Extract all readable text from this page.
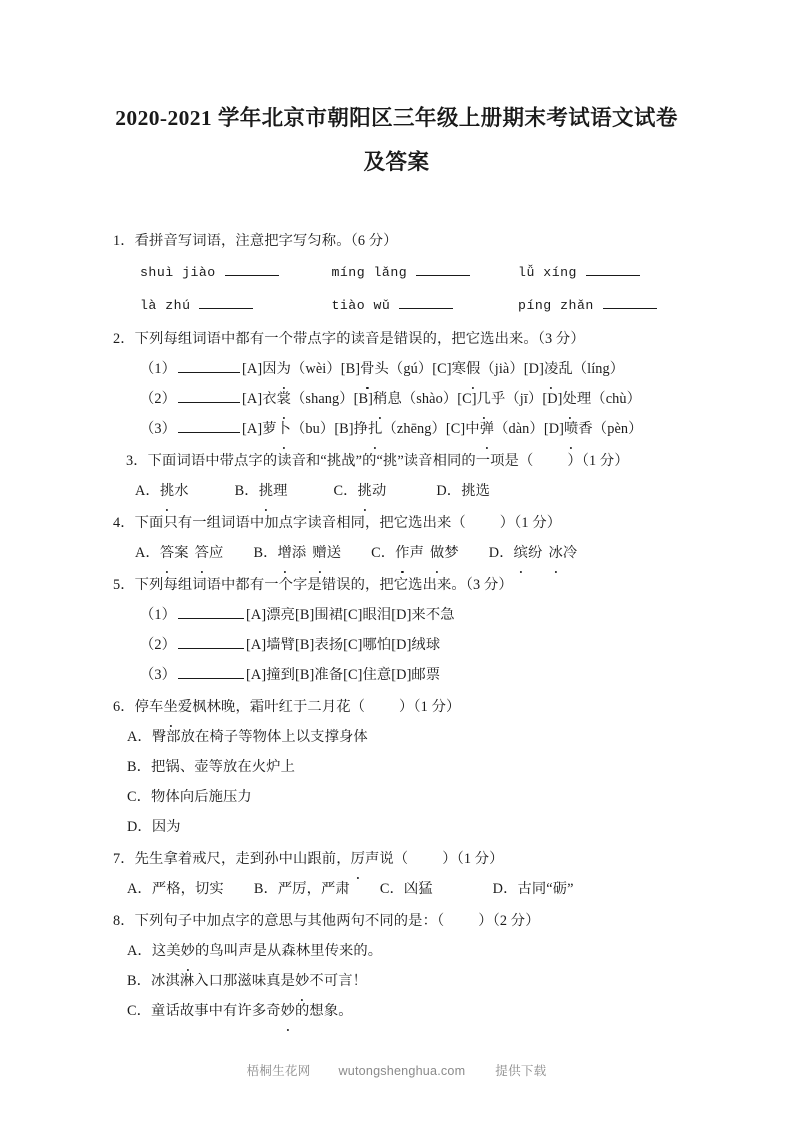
2020-2021 学年北京市朝阳区三年级上册期末考试语文试卷
及答案
1．看拼音写词语，注意把字写匀称。（6 分）
shuì jiào	míng lǎng	lǚ xíng
là zhú	tiào wǔ	píng zhǎn
2．下列每组词语中都有一个带点字的读音是错误的，把它选出来。（3 分）
（1）	[A]因为（wèi）[B]骨头（gú）[C]寒假（jià）[D]凌乱（líng）
（2）	[A]衣裳（shang）[B]稍息（shào）[C]几乎（jī）[D]处理（chù）
（3）	[A]萝卜（bu）[B]挣扎（zhēng）[C]中弹（dàn）[D]喷香（pèn）
3．下面词语中带点字的读音和“挑战”的“挑”读音相同的一项是（ ）（1 分）
A．挑水	B．挑理	C．挑动	D．挑选
4．下面只有一组词语中加点字读音相同，把它选出来（ ）（1 分）
A．答案 答应 B．增添 赠送 C．作声 做梦 D．缤纷 冰冷
5．下列每组词语中都有一个字是错误的，把它选出来。（3 分）
（1）	[A]漂亮[B]围裙[C]眼泪[D]来不急
（2）	[A]墙臂[B]表扬[C]哪怕[D]绒球
（3）	[A]撞到[B]准备[C]住意[D]邮票
6．停车坐爱枫林晚，霜叶红于二月花（ ）（1 分）
A．臀部放在椅子等物体上以支撑身体
B．把锅、壶等放在火炉上
C．物体向后施压力
D．因为
7．先生拿着戒尺，走到孙中山跟前，厉声说（ ）（1 分）
A．严格，切实 B．严厉，严肃 C．凶猛	D．古同“砺”
8．下列句子中加点字的意思与其他两句不同的是：（ ）（2 分）
A．这美妙的鸟叫声是从森林里传来的。
B．冰淇淋入口那滋味真是妙不可言！
C．童话故事中有许多奇妙的想象。
梧桐生花网 wutongshenghua.com 提供下载
